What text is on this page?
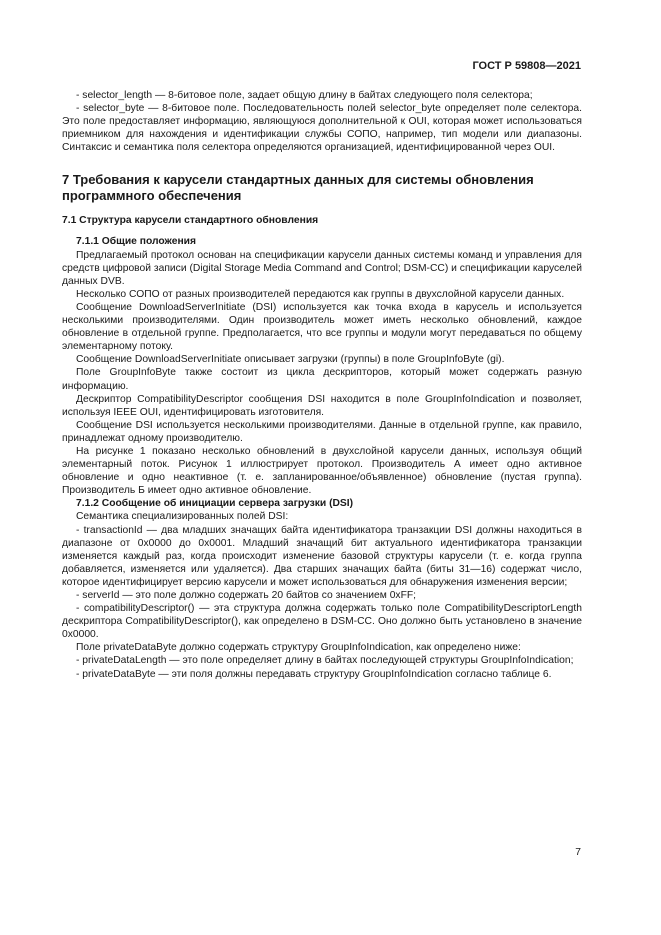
ГОСТ Р 59808—2021

- selector_length — 8-битовое поле, задает общую длину в байтах следующего поля селектора;

- selector_byte — 8-битовое поле. Последовательность полей selector_byte определяет поле селектора. Это поле предоставляет информацию, являющуюся дополнительной к OUI, которая может использоваться приемником для нахождения и идентификации службы СОПО, например, тип модели или диапазоны. Синтаксис и семантика поля селектора определяются организацией, идентифицированной через OUI.

7 Требования к карусели стандартных данных для системы обновления программного обеспечения
7.1 Структура карусели стандартного обновления
7.1.1 Общие положения

Предлагаемый протокол основан на спецификации карусели данных системы команд и управления для средств цифровой записи (Digital Storage Media Command and Control; DSM-CC) и спецификации каруселей данных DVB.

Несколько СОПО от разных производителей передаются как группы в двухслойной карусели данных.

Сообщение DownloadServerInitiate (DSI) используется как точка входа в карусель и используется несколькими производителями. Один производитель может иметь несколько обновлений, каждое обновление в отдельной группе. Предполагается, что все группы и модули могут передаваться по общему элементарному потоку.

Сообщение DownloadServerInitiate описывает загрузки (группы) в поле GroupInfoByte (gi).

Поле GroupInfoByte также состоит из цикла дескрипторов, который может содержать разную информацию.

Дескриптор CompatibilityDescriptor сообщения DSI находится в поле GroupInfoIndication и позволяет, используя IEEE OUI, идентифицировать изготовителя.

Сообщение DSI используется несколькими производителями. Данные в отдельной группе, как правило, принадлежат одному производителю.

На рисунке 1 показано несколько обновлений в двухслойной карусели данных, используя общий элементарный поток. Рисунок 1 иллюстрирует протокол. Производитель А имеет одно активное обновление и одно неактивное (т. е. запланированное/объявленное) обновление (пустая группа). Производитель Б имеет одно активное обновление.

7.1.2 Сообщение об инициации сервера загрузки (DSI)

Семантика специализированных полей DSI:

- transactionId — два младших значащих байта идентификатора транзакции DSI должны находиться в диапазоне от 0x0000 до 0x0001. Младший значащий бит актуального идентификатора транзакции изменяется каждый раз, когда происходит изменение базовой структуры карусели (т. е. когда группа добавляется, изменяется или удаляется). Два старших значащих байта (биты 31—16) содержат число, которое идентифицирует версию карусели и может использоваться для обнаружения изменения версии;

- serverId — это поле должно содержать 20 байтов со значением 0xFF;

- compatibilityDescriptor() — эта структура должна содержать только поле CompatibilityDescriptorLength дескриптора CompatibilityDescriptor(), как определено в DSM-CC. Оно должно быть установлено в значение 0x0000.

Поле privateDataByte должно содержать структуру GroupInfoIndication, как определено ниже:

- privateDataLength — это поле определяет длину в байтах последующей структуры GroupInfoIndication;

- privateDataByte — эти поля должны передавать структуру GroupInfoIndication согласно таблице 6.

7
